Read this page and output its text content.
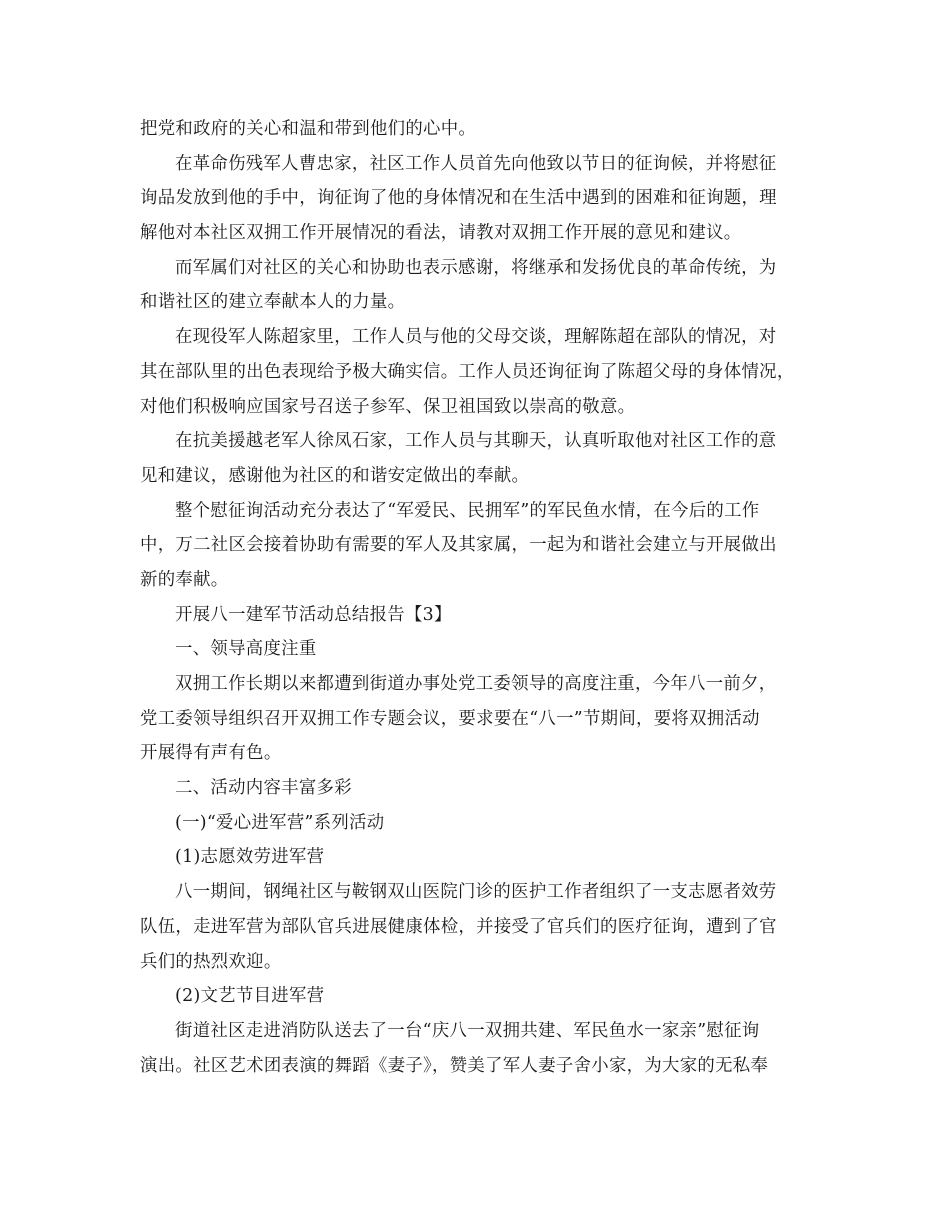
把党和政府的关心和温和带到他们的心中。
在革命伤残军人曹忠家，社区工作人员首先向他致以节日的征询候，并将慰征
询品发放到他的手中，询征询了他的身体情况和在生活中遇到的困难和征询题，理
解他对本社区双拥工作开展情况的看法，请教对双拥工作开展的意见和建议。
而军属们对社区的关心和协助也表示感谢，将继承和发扬优良的革命传统，为
和谐社区的建立奉献本人的力量。
在现役军人陈超家里，工作人员与他的父母交谈，理解陈超在部队的情况，对
其在部队里的出色表现给予极大确实信。工作人员还询征询了陈超父母的身体情况，
对他们积极响应国家号召送子参军、保卫祖国致以崇高的敬意。
在抗美援越老军人徐凤石家，工作人员与其聊天，认真听取他对社区工作的意
见和建议，感谢他为社区的和谐安定做出的奉献。
整个慰征询活动充分表达了“军爱民、民拥军”的军民鱼水情，在今后的工作
中，万二社区会接着协助有需要的军人及其家属，一起为和谐社会建立与开展做出
新的奉献。
开展八一建军节活动总结报告【3】
一、领导高度注重
双拥工作长期以来都遭到街道办事处党工委领导的高度注重，今年八一前夕，
党工委领导组织召开双拥工作专题会议，要求要在“八一”节期间，要将双拥活动
开展得有声有色。
二、活动内容丰富多彩
(一)“爱心进军营”系列活动
(1)志愿效劳进军营
八一期间，钢绳社区与鞍钢双山医院门诊的医护工作者组织了一支志愿者效劳
队伍，走进军营为部队官兵进展健康体检，并接受了官兵们的医疗征询，遭到了官
兵们的热烈欢迎。
(2)文艺节目进军营
街道社区走进消防队送去了一台“庆八一双拥共建、军民鱼水一家亲”慰征询
演出。社区艺术团表演的舞蹈《妻子》，赞美了军人妻子舍小家，为大家的无私奉
